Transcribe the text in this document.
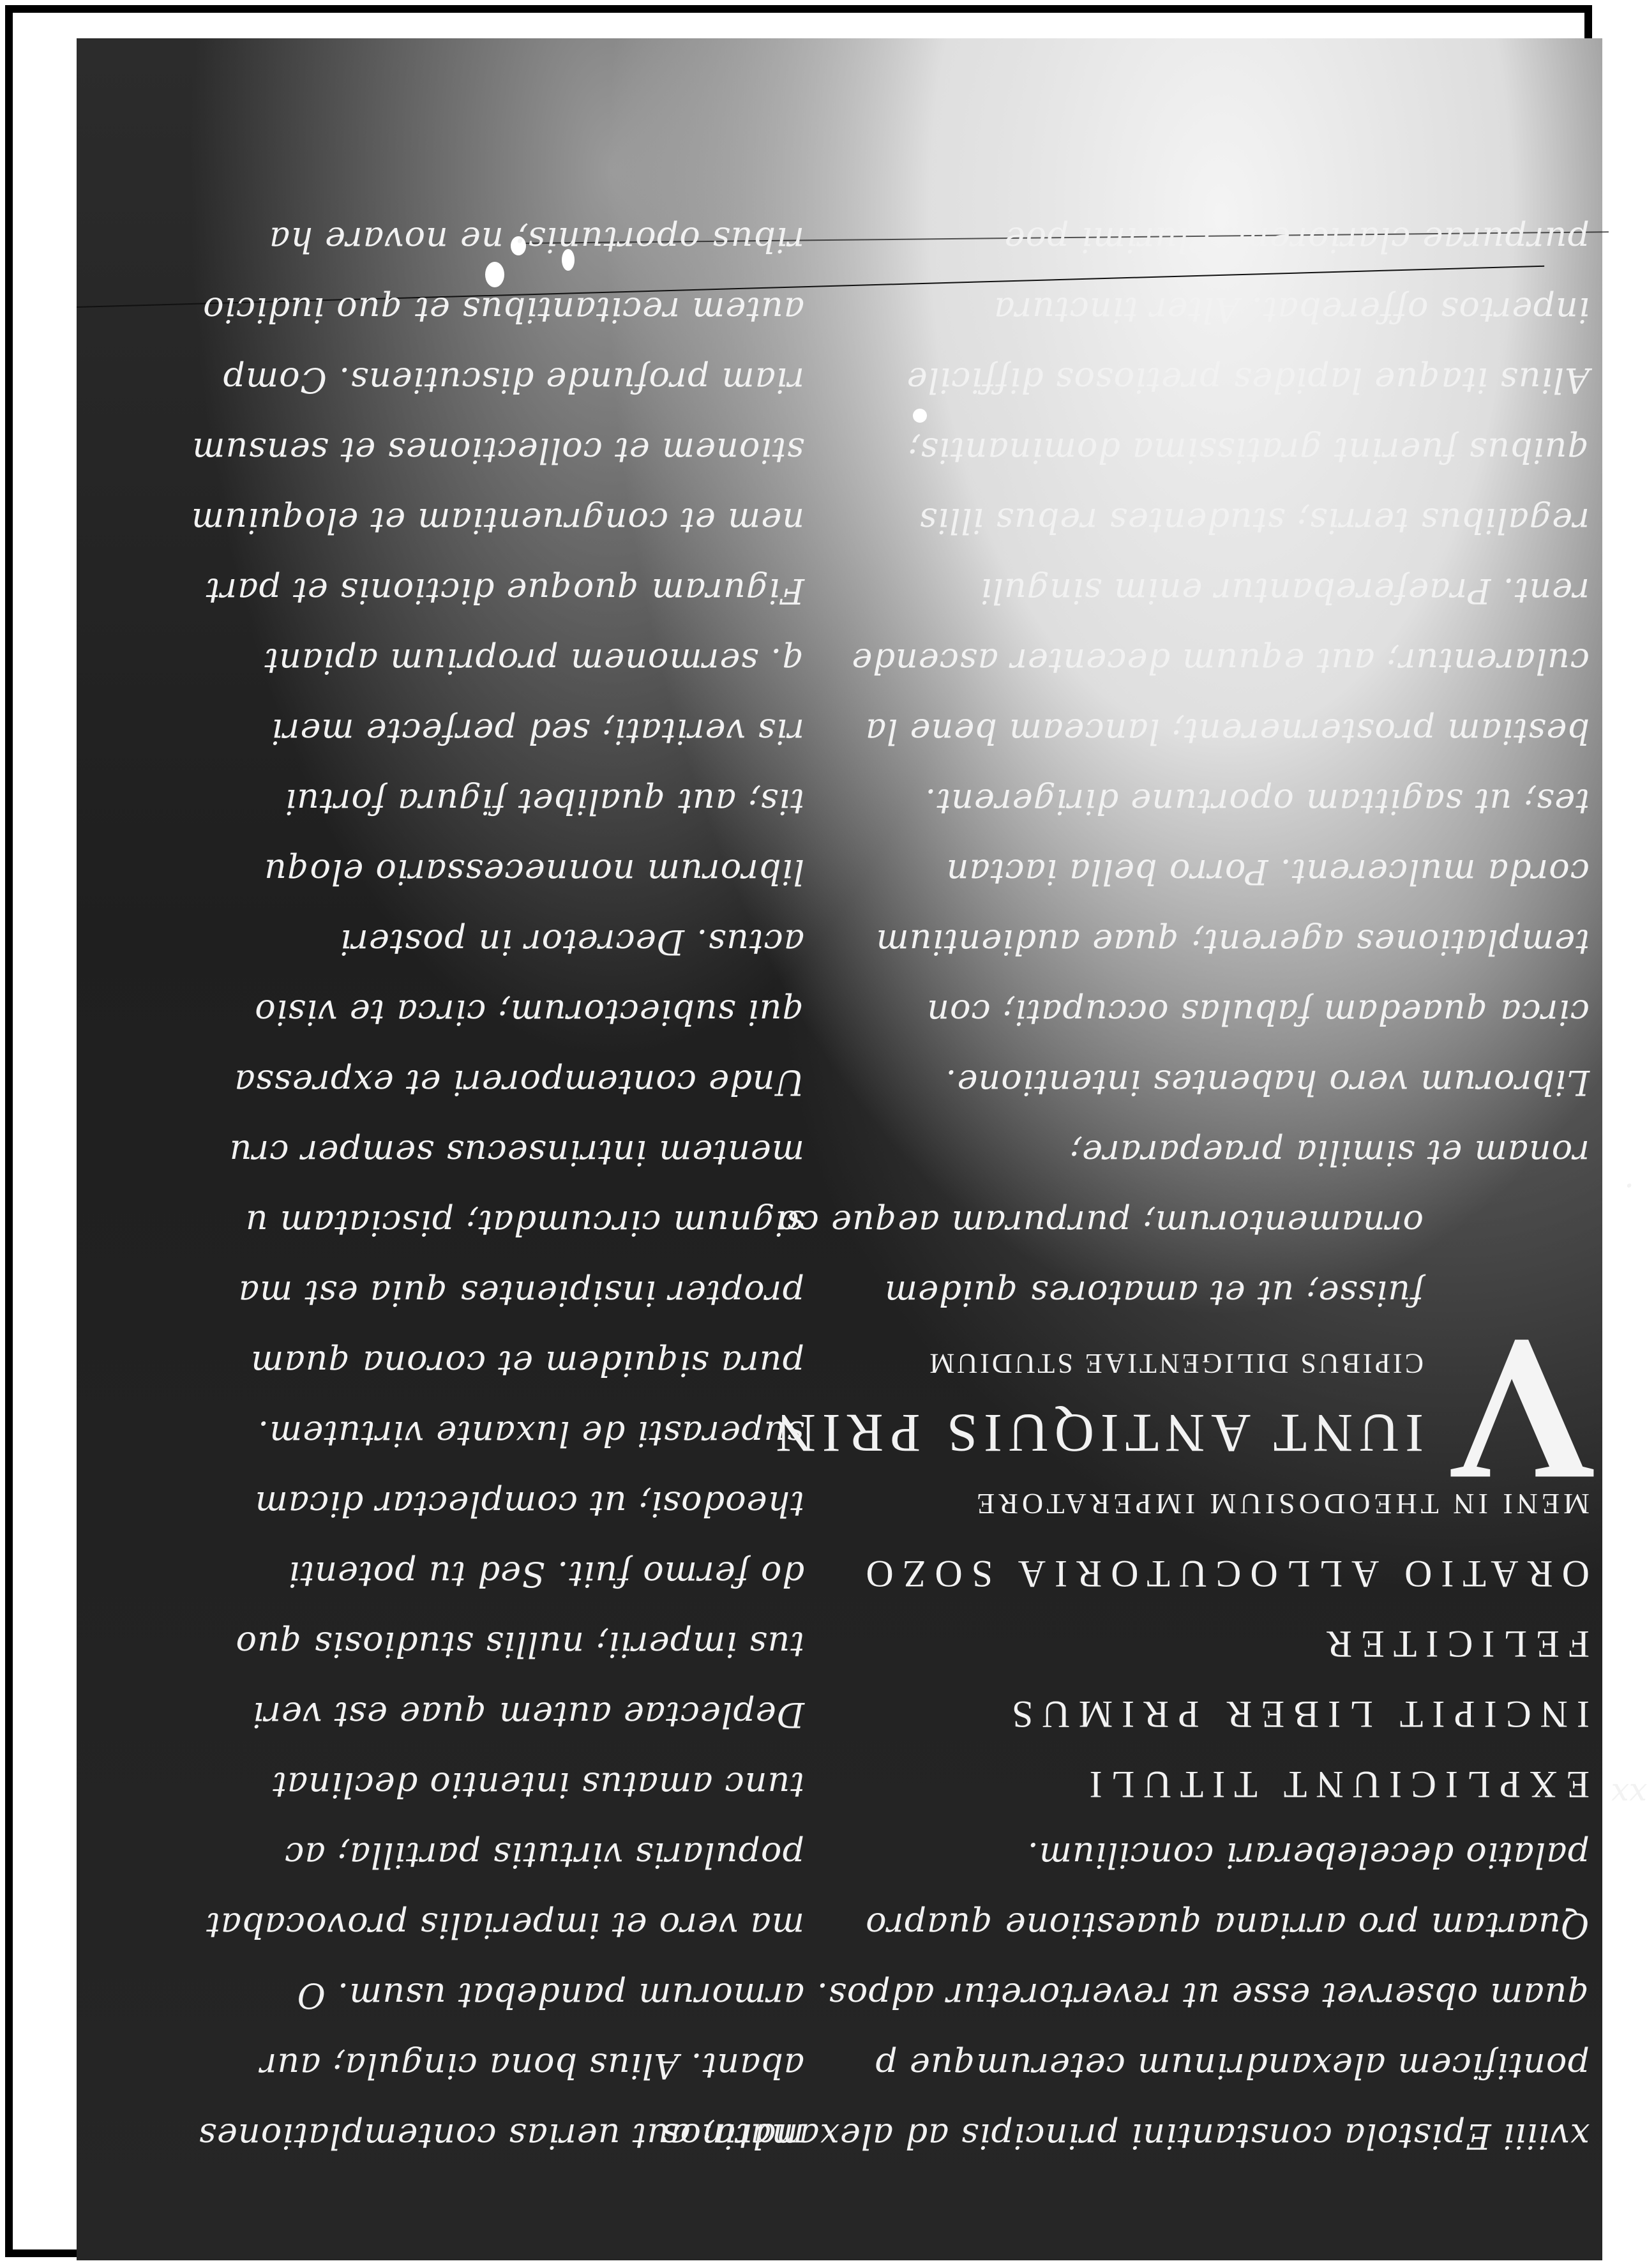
xviiii Epistola constantini principis ad alexandrinos
pontificem alexandrinum ceterumque p
quam observet esse ut revertoretur adpos.
Quartam pro arriana quaestione quapro
palatio deceleberari concilium.
EXPLICIUNT TITULI
INCIPIT LIBER PRIMUS
FELICITER
ORATIO ALLOCUTORIA SOZO
MENI IN THEODOSIUM IMPERATORE
IUNT ANTIQUIS PRIN
CIPIBUS DILIGENTIAE STUDIUM
fuisse; ut et amatores quidem
ornamentorum; purpuram aeque co
ronam et similia praeparare;
Librorum vero habentes intentione.
circa quaedam fabulas occupati; con
templationes agerent; quae audientium
corda mulcerent. Porro bella iactan
tes; ut sagittam oportune dirigerent.
bestiam prosternerent; lanceam bene la
cularentur; aut equum decenter ascende
rent. Praeferebantur enim singuli
regalibus terris; studentes rebus illis
quibus fuerint gratissima dominantis;
Alius itaque lapides pretiosos difficile
inpertos offerebat. Alter tinctura
purpurae clariorem. Plurimi poe
V
mata; aut uerias contemplationes
abant. Alius bona cingula; aur
armorum pandebat usum. O
ma vero et imperialis provocabat
popularis virtutis partilla; ac
tunc amatus intentio declinat
Deplectae autem quae est veri
tus imperii; nullis studiosis quo
do fermo fuit. Sed tu potenti
theodosi; ut complectar dicam
superasti de luxante virtutem.
pura siquidem et corona quam
propter insipientes quia est ma
signum circumdat; pisciatam u
mentem intrinsecus semper cru
Unde contemporeri et expressa
qui subiectorum; circa te visio
actus. Decretor in posteri
librorum nonnecessario eloqu
tis; aut qualibet figura fortui
ris veritati; sed perfecte meri
q. sermonem proprium apiant
Figuram quoque dictionis et part
nem et congruentiam et eloquium
stionem et collectiones et sensum
riam profunde discutiens. Comp
autem recitantibus et quo iudicio
ribus oportunis; ne novare ha
xx
.
